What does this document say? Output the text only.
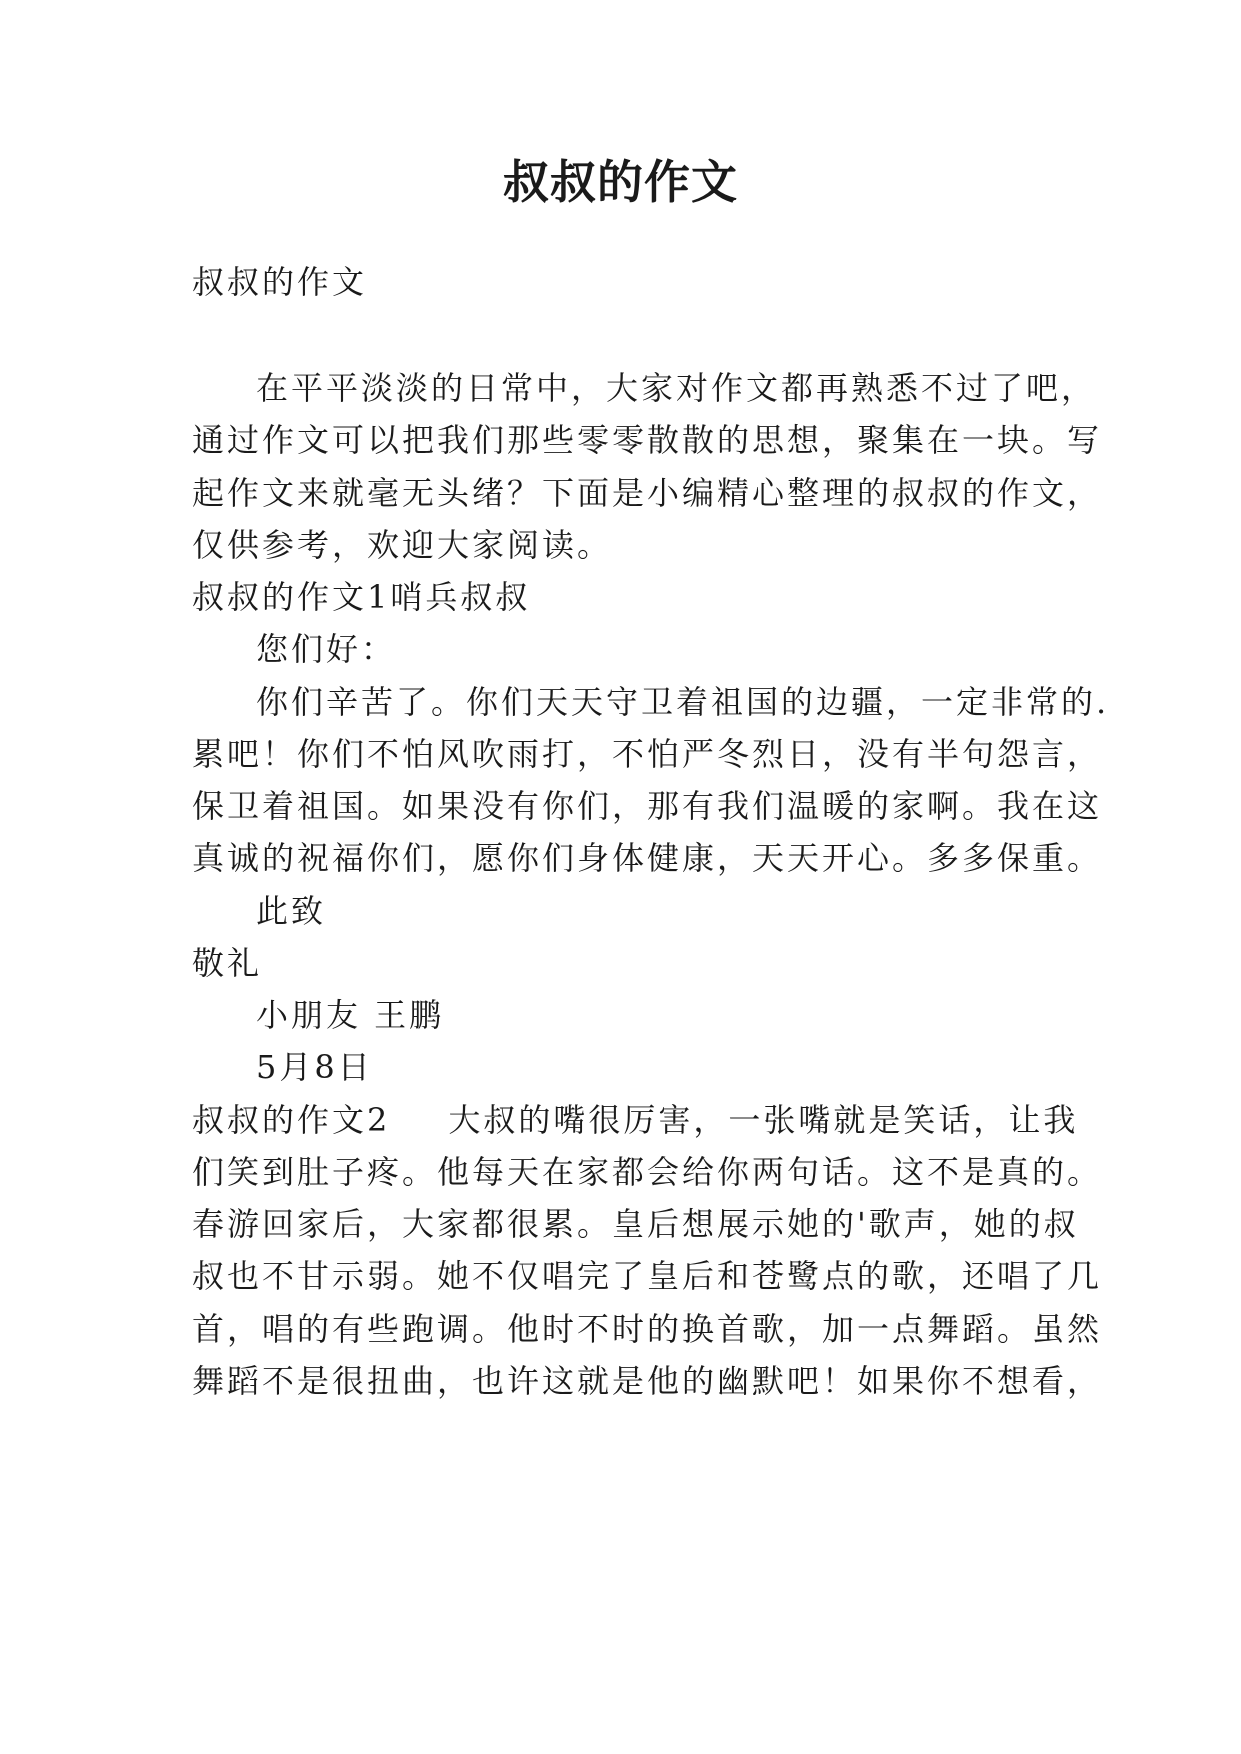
叔叔的作文
叔叔的作文
在平平淡淡的日常中，大家对作文都再熟悉不过了吧，
通过作文可以把我们那些零零散散的思想，聚集在一块。写
起作文来就毫无头绪？下面是小编精心整理的叔叔的作文，
仅供参考，欢迎大家阅读。
叔叔的作文1哨兵叔叔
您们好：
你们辛苦了。你们天天守卫着祖国的边疆，一定非常的.
累吧！你们不怕风吹雨打，不怕严冬烈日，没有半句怨言，
保卫着祖国。如果没有你们，那有我们温暖的家啊。我在这
真诚的祝福你们，愿你们身体健康，天天开心。多多保重。
此致
敬礼
小朋友 王鹏
5月8日
叔叔的作文2 大叔的嘴很厉害，一张嘴就是笑话，让我
们笑到肚子疼。他每天在家都会给你两句话。这不是真的。
春游回家后，大家都很累。皇后想展示她的'歌声，她的叔
叔也不甘示弱。她不仅唱完了皇后和苍鹭点的歌，还唱了几
首，唱的有些跑调。他时不时的换首歌，加一点舞蹈。虽然
舞蹈不是很扭曲，也许这就是他的幽默吧！如果你不想看，
